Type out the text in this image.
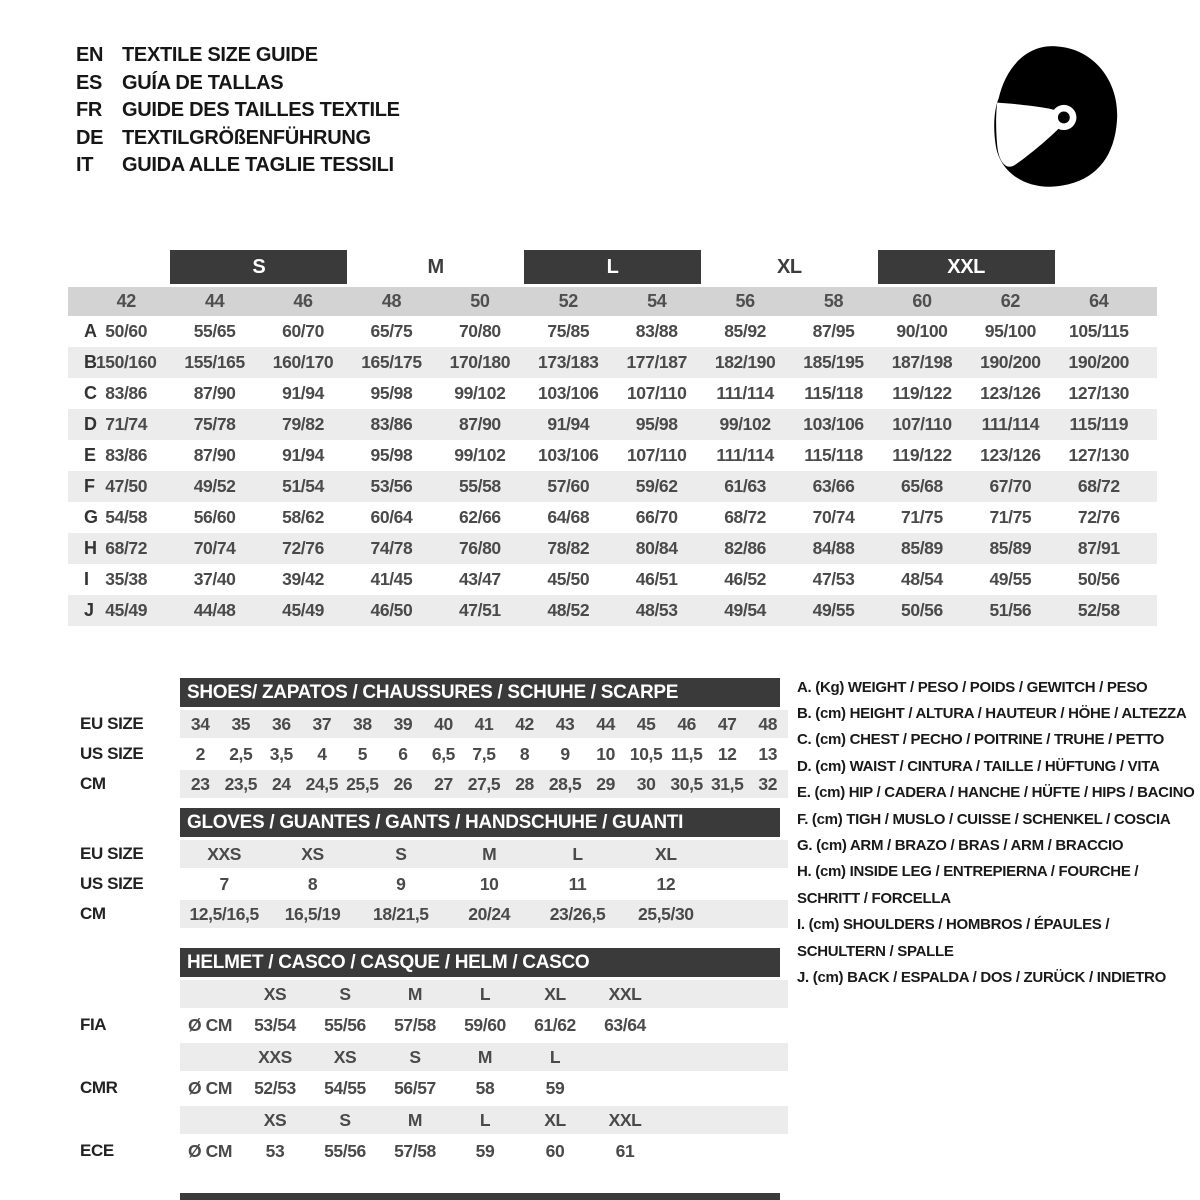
EN TEXTILE SIZE GUIDE
ES GUÍA DE TALLAS
FR GUIDE DES TAILLES TEXTILE
DE TEXTILGRÖßENFÜHRUNG
IT	GUIDA ALLE TAGLIE TESSILI
S	M	L	XL	XXL
42	44	46	48	50	52	54	56	58	60	62	64
A 50/60	55/65	60/70	65/75	70/80	75/85	83/88	85/92	87/95	90/100	95/100	105/115
B 150/160	155/165	160/170	165/175	170/180	173/183	177/187	182/190	185/195	187/198	190/200	190/200
C 83/86	87/90	91/94	95/98	99/102	103/106	107/110	111/114	115/118	119/122	123/126	127/130
D 71/74	75/78	79/82	83/86	87/90	91/94	95/98	99/102	103/106	107/110	111/114	115/119
E 83/86	87/90	91/94	95/98	99/102	103/106	107/110	111/114	115/118	119/122	123/126	127/130
F 47/50	49/52	51/54	53/56	55/58	57/60	59/62	61/63	63/66	65/68	67/70	68/72
G 54/58	56/60	58/62	60/64	62/66	64/68	66/70	68/72	70/74	71/75	71/75	72/76
H 68/72	70/74	72/76	74/78	76/80	78/82	80/84	82/86	84/88	85/89	85/89	87/91
I 35/38	37/40	39/42	41/45	43/47	45/50	46/51	46/52	47/53	48/54	49/55	50/56
J 45/49	44/48	45/49	46/50	47/51	48/52	48/53	49/54	49/55	50/56	51/56	52/58
SHOES/ ZAPATOS / CHAUSSURES / SCHUHE / SCARPE
EU SIZE
US SIZE
CM
34	35	36	37	38	39	40	41	42	43	44	45	46	47	48
2	2,5 3,5	4	5	6	6,5 7,5	8	9	10 10,5 11,5 12	13
23 23,5 24 24,5 25,5 26	27 27,5 28 28,5 29	30 30,5 31,5 32
GLOVES / GUANTES / GANTS / HANDSCHUHE / GUANTI
EU SIZE
US SIZE
CM
XXS	XS	S	M	L	XL
7	8	9	10	11	12
12,5/16,5	16,5/19	18/21,5	20/24	23/26,5	25,5/30
HELMET / CASCO / CASQUE / HELM / CASCO
FIA
CMR
ECE
XS	S	M	L	XL	XXL
Ø CM	53/54	55/56	57/58	59/60	61/62	63/64
XXS	XS	S	M	L
Ø CM	52/53	54/55	56/57	58	59
XS	S	M	L	XL	XXL
Ø CM	53	55/56	57/58	59	60	61
A. (Kg) WEIGHT / PESO / POIDS / GEWITCH / PESO
B. (cm) HEIGHT / ALTURA / HAUTEUR / HÖHE / ALTEZZA
C. (cm) CHEST / PECHO / POITRINE / TRUHE / PETTO
D. (cm) WAIST / CINTURA / TAILLE / HÜFTUNG / VITA
E. (cm) HIP / CADERA / HANCHE / HÜFTE / HIPS / BACINO
F. (cm) TIGH / MUSLO / CUISSE / SCHENKEL / COSCIA
G. (cm) ARM / BRAZO / BRAS / ARM / BRACCIO
H. (cm) INSIDE LEG / ENTREPIERNA / FOURCHE /
SCHRITT / FORCELLA
I. (cm) SHOULDERS / HOMBROS / ÉPAULES /
SCHULTERN / SPALLE
J. (cm) BACK / ESPALDA / DOS / ZURÜCK / INDIETRO
